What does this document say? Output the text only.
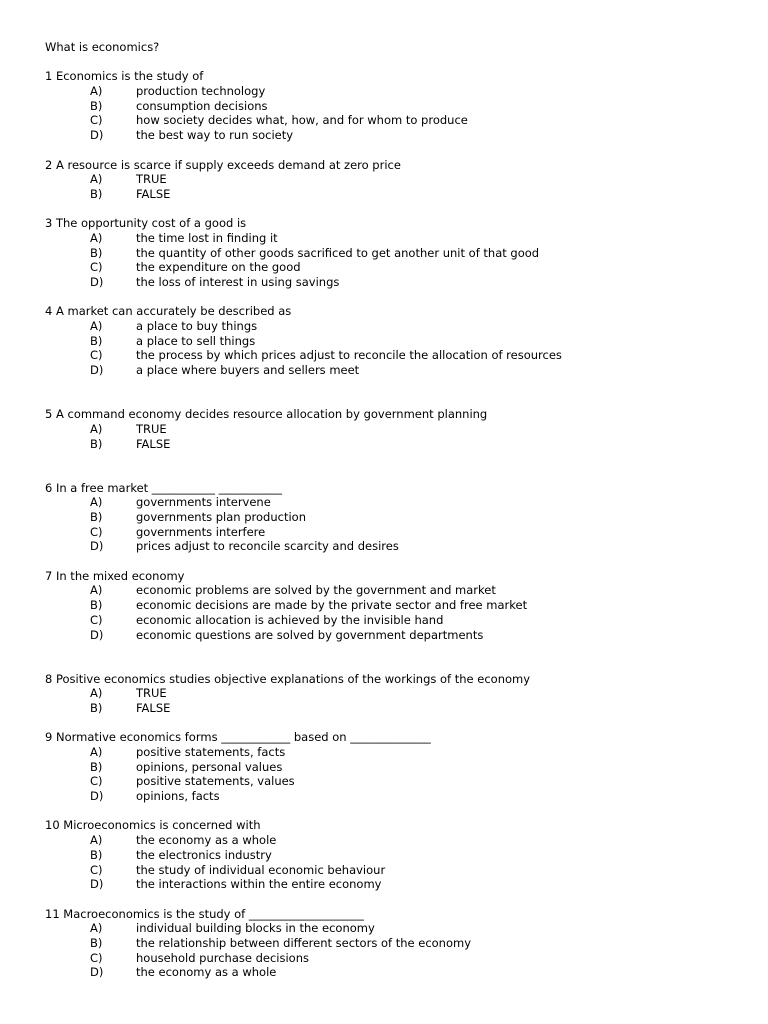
What is economics?
1 Economics is the study of
A)	production technology
B)	consumption decisions
C)	how society decides what, how, and for whom to produce
D)	the best way to run society
2 A resource is scarce if supply exceeds demand at zero price
A)	TRUE
B)	FALSE
3 The opportunity cost of a good is
A)	the time lost in finding it
B)	the quantity of other goods sacrificed to get another unit of that good
C)	the expenditure on the good
D)	the loss of interest in using savings
4 A market can accurately be described as
A)	a place to buy things
B)	a place to sell things
C)	the process by which prices adjust to reconcile the allocation of resources
D)	a place where buyers and sellers meet
5 A command economy decides resource allocation by government planning
A)	TRUE
B)	FALSE
6 In a free market ___________ ___________
A)	governments intervene
B)	governments plan production
C)	governments interfere
D)	prices adjust to reconcile scarcity and desires
7 In the mixed economy
A)	economic problems are solved by the government and market
B)	economic decisions are made by the private sector and free market
C)	economic allocation is achieved by the invisible hand
D)	economic questions are solved by government departments
8 Positive economics studies objective explanations of the workings of the economy
A)	TRUE
B)	FALSE
9 Normative economics forms ____________ based on ______________
A)	positive statements, facts
B)	opinions, personal values
C)	positive statements, values
D)	opinions, facts
10 Microeconomics is concerned with
A)	the economy as a whole
B)	the electronics industry
C)	the study of individual economic behaviour
D)	the interactions within the entire economy
11 Macroeconomics is the study of ____________________
A)	individual building blocks in the economy
B)	the relationship between different sectors of the economy
C)	household purchase decisions
D)	the economy as a whole
